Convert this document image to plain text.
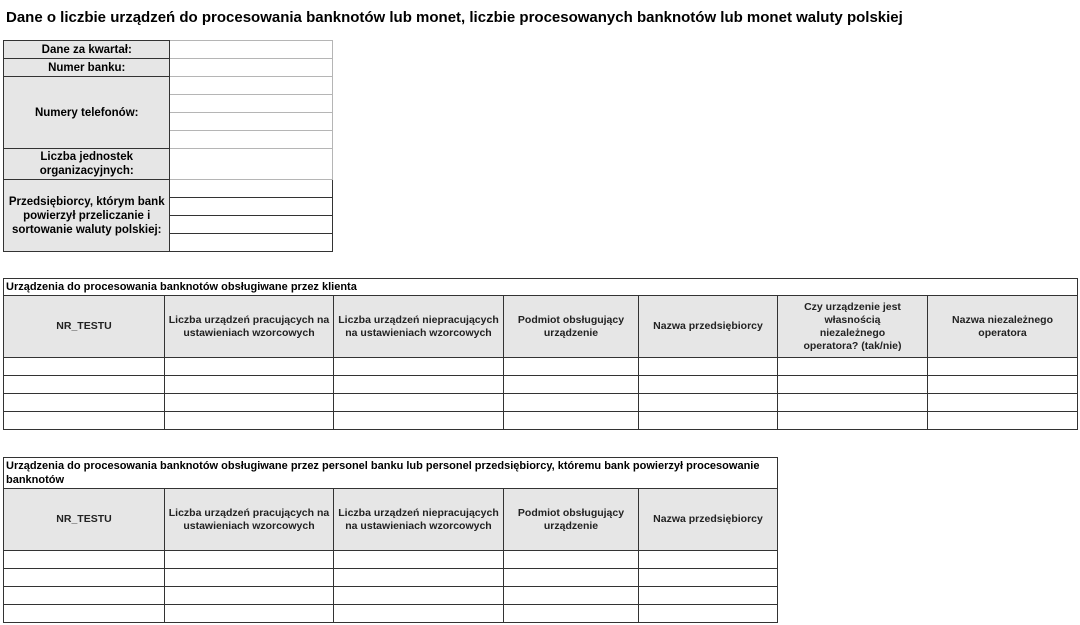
Dane o liczbie urządzeń do procesowania banknotów lub monet, liczbie procesowanych banknotów lub monet waluty polskiej
Dane za kwartał:	
Numer banku:	
Numery telefonów:	

Liczba jednostek organizacyjnych:	
Przedsiębiorcy, którym bank powierzył przeliczanie i sortowanie waluty polskiej:	

Urządzenia do procesowania banknotów obsługiwane przez klienta						
NR_TESTU	Liczba urządzeń pracujących na ustawieniach wzorcowych	Liczba urządzeń niepracujących na ustawieniach wzorcowych	Podmiot obsługujący urządzenie	Nazwa przedsiębiorcy	Czy urządzenie jest własnością niezależnego operatora? (tak/nie)	Nazwa niezależnego operatora

Urządzenia do procesowania banknotów obsługiwane przez personel banku lub personel przedsiębiorcy, któremu bank powierzył procesowanie banknotów				
NR_TESTU	Liczba urządzeń pracujących na ustawieniach wzorcowych	Liczba urządzeń niepracujących na ustawieniach wzorcowych	Podmiot obsługujący urządzenie	Nazwa przedsiębiorcy
